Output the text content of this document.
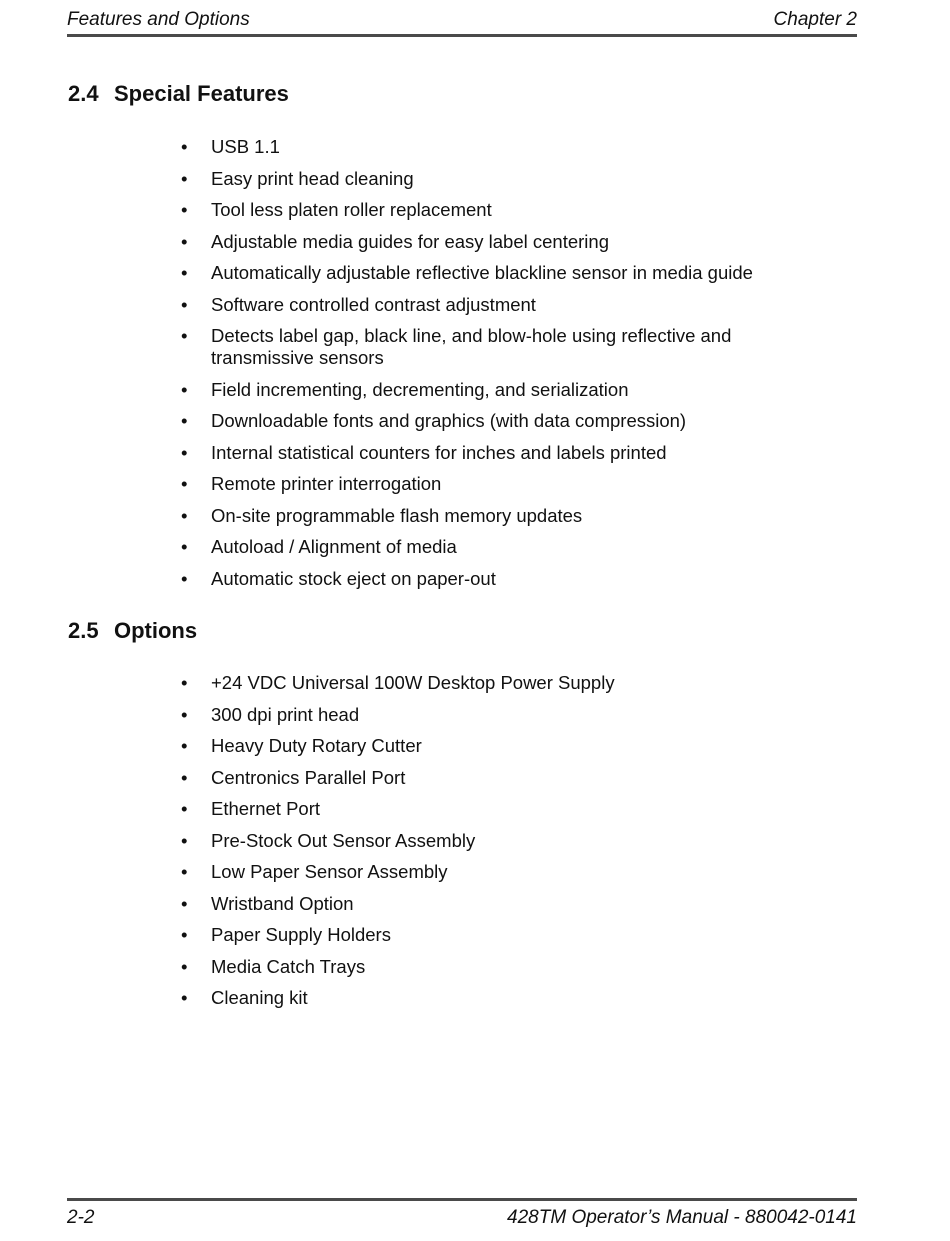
Features and Options	Chapter 2
2.4 Special Features
• USB 1.1
• Easy print head cleaning
• Tool less platen roller replacement
• Adjustable media guides for easy label centering
• Automatically adjustable reflective blackline sensor in media guide
• Software controlled contrast adjustment
• Detects label gap, black line, and blow-hole using reflective and transmissive sensors
• Field incrementing, decrementing, and serialization
• Downloadable fonts and graphics (with data compression)
• Internal statistical counters for inches and labels printed
• Remote printer interrogation
• On-site programmable flash memory updates
• Autoload / Alignment of media
• Automatic stock eject on paper-out
2.5 Options
• +24 VDC Universal 100W Desktop Power Supply
• 300 dpi print head
• Heavy Duty Rotary Cutter
• Centronics Parallel Port
• Ethernet Port
• Pre-Stock Out Sensor Assembly
• Low Paper Sensor Assembly
• Wristband Option
• Paper Supply Holders
• Media Catch Trays
• Cleaning kit
2-2	428TM Operator’s Manual - 880042-0141
